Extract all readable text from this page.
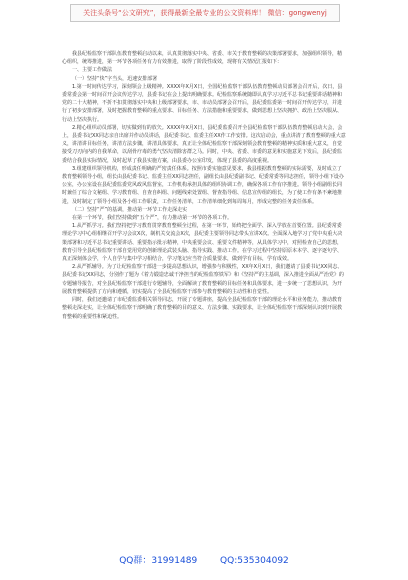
关注头条号“公文研究”，获得最新全最专业的公文资料库！ 微信：gongwenyj

我县纪检监察干部队伍教育整顿启动以来，认真贯彻落实中央、省委、市关于教育整顿的决策部署要求，加强组织领导，精心组织，统筹推进，第一环节各项任务有力有效推进，取得了阶段性成效，现将有关情况汇报如下：

一、主要工作做法
（一）坚持“快”字当头，迅速安排部署

1.第一时间传达学习，深刻领会上级精神。XXXX年X月X日，全国纪检监察干部队伍教育整顿动员部署会召开后，次日，县委常委会第一时间召开会议传达学习，县委书记在会上提出明确要求。纪检监察系统随即认真学习习近平总书记重要讲话精神和党的二十大精神，不折不扣贯彻落实中央和上级部署要求，市、市动员部署会召开后，县纪委监委第一时间召开传达学习，并进行了初步安排部署，及时把握教育整顿的重点要求、目标任务、方法措施和重要要求，做到思想上坚决拥护、政治上坚决服从、行动上坚决执行。

2.精心组织动员部署，切实做到有的放矢。XXXX年X月X日，县纪委监委召开全县纪检监察干部队伍教育整顿启动大会，会上，县委书记XX同志亲自出席并作动员讲话，县纪委书记、监委主任XX作工作安排。这次启动会，重点讲清了教育整顿的重大意义，讲清讲目标任务，讲清方法步骤，讲清具体要求，真正让全体纪检监察干部深刻领会教育整顿的精神实质和重大意义，自觉接受刀刃向内的自我革命，以刮骨疗毒的勇气坚决清除害群之马。同时，中央、省委、市委的意见和实施意见下发后，县纪委监委结合我县实际情况，及时起草了我县实施方案，由县委办公室印发，体现了县委的高度重视。

3.组建组织领导机构，形成责任明确的严密责任体系。按照市委实施意见要求，我县根据教育整顿的实际需要，及时成立了教育整顿领导小组，组长由县纪委书记、监委主任XX同志担任，副组长由县纪委副书记、纪委常委等同志担任，领导小组下设办公室，办公室设在县纪委监委党风政风监督室，工作机构承担具体的组织协调工作，确保各项工作有序推进。领导小组副组长同时兼任了综合文秘组、学习教育组、自查自纠组、问题线索处置组、督查指导组、信息宣传组的组长，为了使工作有条不紊地推进，及时制定了领导小组及各小组工作职责，工作任务清单，工作清单细化到每周每月，形成完整的任务责任体系。

（二）坚持“严”的基调，推动第一环节工作走深走实

在第一个环节，我们坚持做到“五个严”，有力推动第一环节的各项工作。

1.从严抓学习。我们坚持把学习教育贯穿教育整顿全过程，在第一环节，始终把全面学、深入学放在首要位置。县纪委常委理论学习中心组相继召开学习会议X次，制机关交流会X次，县纪委主要领导同志带头宣讲X次。全面深入地学习了党中央重大决策部署和习近平总书记重要讲话、重要指示批示精神，中央重要会议、重要文件精神等，从具体学习中，对照检查自己的思想，教育引导全县纪检监察干部自觉用党的创新理论武装头脑、指导实践、推动工作。在学习过程中坚持原原本本学、逐字逐句学、真正深刻体会学，个人自学与集中学习相结合，学习笔记应当符合质量要求，做到学有目标，学有成效。

2.从严抓辅导。为了让纪检监察干部进一步提高思想认识，增强参与积极性，XX年X月X日，我们邀请了县委书记XX同志、县纪委书记XX同志，分别作了题为《着力锻造忠诚干净担当的纪检监察铁军》和《坚持严的主基调，深入推进全面从严治党》的专题辅导报告，对全县纪检监察干部进行专题辅导，全面解读了教育整顿的目标任务和具体要求，进一步统一了思想认识，为开展教育整顿提供了方向和遵循，切实提高了全县纪检监察干部参与教育整顿的主动性和自觉性。

同时，我们还邀请了市纪委监委相关领导同志，开展了专题讲座，提高全县纪检监察干部的理论水平和业务能力，推动教育整顿走深走实，让全体纪检监察干部明确了教育整顿的目的意义、方法步骤、实践要求，让全体纪检监察干部深刻认识到开展教育整顿的重要性和紧迫性。

QQ群：31991489	QQ:535304092
